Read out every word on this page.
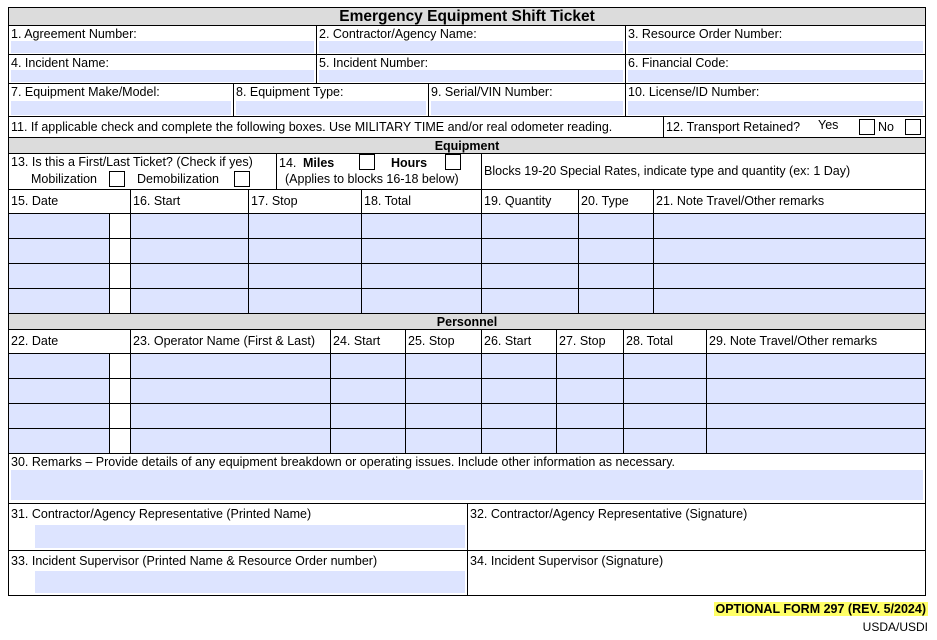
Emergency Equipment Shift Ticket
1. Agreement Number:	2. Contractor/Agency Name:	3. Resource Order Number:
4. Incident Name:	5. Incident Number:	6. Financial Code:
7. Equipment Make/Model:	8. Equipment Type:	9. Serial/VIN Number:	10. License/ID Number:
11. If applicable check and complete the following boxes. Use MILITARY TIME and/or real odometer reading.	12. Transport Retained? Yes	No
Equipment
13. Is this a First/Last Ticket? (Check if yes)
Mobilization	Demobilization
14. Miles	Hours
(Applies to blocks 16-18 below)
Blocks 19-20 Special Rates, indicate type and quantity (ex: 1 Day)
15. Date	16. Start	17. Stop	18. Total	19. Quantity 20. Type 21. Note Travel/Other remarks
Personnel
22. Date	23. Operator Name (First & Last) 24. Start 25. Stop 26. Start 27. Stop 28. Total	29. Note Travel/Other remarks
30. Remarks – Provide details of any equipment breakdown or operating issues. Include other information as necessary.
31. Contractor/Agency Representative (Printed Name)	32. Contractor/Agency Representative (Signature)
33. Incident Supervisor (Printed Name & Resource Order number)	34. Incident Supervisor (Signature)
OPTIONAL FORM 297 (REV. 5/2024)
USDA/USDI
